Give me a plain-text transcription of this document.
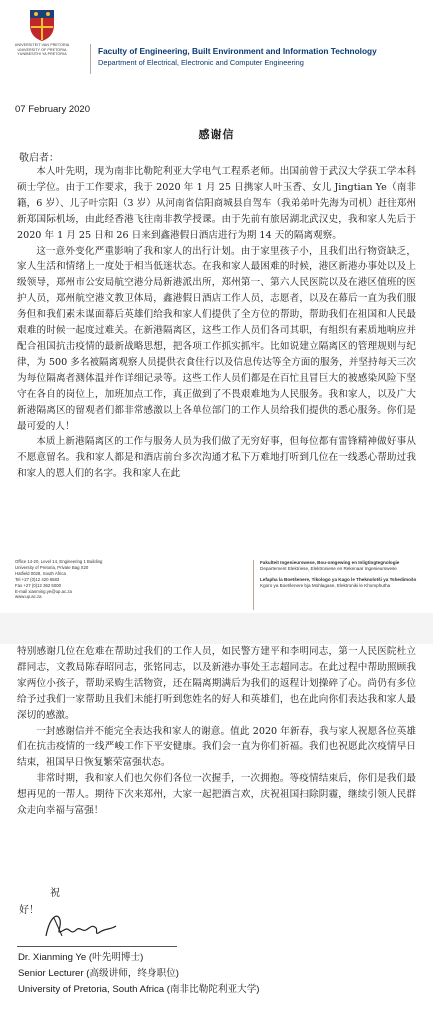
UNIVERSITEIT VAN PRETORIA
UNIVERSITY OF PRETORIA
YUNIBESITHI YA PRETORIA	Faculty of Engineering, Built Environment and Information Technology
Department of Electrical, Electronic and Computer Engineering
07 February 2020
感谢信
敬启者：

本人叶先明，现为南非比勒陀利亚大学电气工程系老师。出国前曾于武汉大学获工学本科硕士学位。由于工作要求，我于 2020 年 1 月 25 日携家人叶玉香、女儿 Jingtian Ye（南非籍，6 岁）、儿子叶宗阳（3 岁）从河南省信阳商城县自驾车（我弟弟叶先海为司机）赶往郑州新郑国际机场，由此经香港飞往南非教学授课。由于先前有旅居湖北武汉史，我和家人先后于 2020 年 1 月 25 日和 26 日来到鑫港假日酒店进行为期 14 天的隔离观察。

这一意外变化严重影响了我和家人的出行计划。由于家里孩子小，且我们出行物资缺乏，家人生活和情绪上一度处于相当低迷状态。在我和家人最困难的时候，港区新港办事处以及上级领导，郑州市公安局航空港分局新港派出所，郑州第一、第六人民医院以及在港区值班的医护人员，郑州航空港文教卫体局，鑫港假日酒店工作人员，志愿者，以及在幕后一直为我们服务但和我们素未谋面幕后英雄们给我和家人们提供了全方位的帮助，帮助我们在祖国和人民最艰难的时候一起度过难关。在新港隔离区，这些工作人员们各司其职，有组织有素质地响应并配合祖国抗击疫情的最新战略思想，把各项工作抓实抓牢。比如说建立隔离区的管理规则与纪律，为 500 多名被隔离观察人员提供衣食住行以及信息传达等全方面的服务，并坚持每天三次为每位隔离者测体温并作详细记录等。这些工作人员们都是在百忙且冒巨大的被感染风险下坚守在各自的岗位上，加班加点工作，真正做到了不畏艰难地为人民服务。我和家人，以及广大新港隔离区的留观者们都非常感激以上各单位部门的工作人员给我们提供的悉心服务。你们是最可爱的人！

本质上新港隔离区的工作与服务人员为我们做了无穷好事，但每位都有雷锋精神做好事从不愿意留名。我和家人都是和酒店前台多次沟通才私下万难地打听到几位在一线悉心帮助过我和家人的恩人们的名字。我和家人在此

Office 14-20, Level 14, Engineering 1 Building
University of Pretoria, Private Bag X20
Hatfield 0028, South Africa
Tel +27 (0)12 420 6583
Fax +27 (0)12 362 5000
E-mail xianming.ye@up.ac.za
www.up.ac.za
Fakulteit Ingenieurswese, Bou-omgewing en Inligtingtegnologie
Departement Elektriese, Elektroniese en Rekenaar Ingenieurswese
Lefapha la Boetšenere, Tikologo ya Kago le Theknolotši ya Tshedimošo
Kgoro ya Boetšenere bja Mohlagase, Elektroniki le Khomphutha

特别感谢几位在危难在帮助过我们的工作人员，如民警方建平和李明同志，第一人民医院杜立群同志，文教局陈春昭同志，张铭同志，以及新港办事处王志超同志。在此过程中帮助照顾我家两位小孩子，帮助采购生活物资，还在隔离期满后为我们的返程计划操碎了心。尚仍有多位给予过我们一家帮助且我们未能打听到您姓名的好人和英雄们，也在此向你们表达我和家人最深切的感激。

一封感谢信并不能完全表达我和家人的谢意。值此 2020 年新春，我与家人祝愿各位英雄们在抗击疫情的一线严峻工作下平安健康。我们会一直为你们祈福。我们也祝愿此次疫情早日结束，祖国早日恢复繁荣富强状态。

非常时期，我和家人们也欠你们各位一次握手，一次拥抱。等疫情结束后，你们是我们最想再见的一帮人。期待下次来郑州，大家一起把酒言欢，庆祝祖国扫除阴霾，继续引领人民群众走向幸福与富强！

祝
好！
Dr. Xianming Ye (叶先明博士)
Senior Lecturer (高级讲师，终身职位)
University of Pretoria, South Africa (南非比勒陀利亚大学)
